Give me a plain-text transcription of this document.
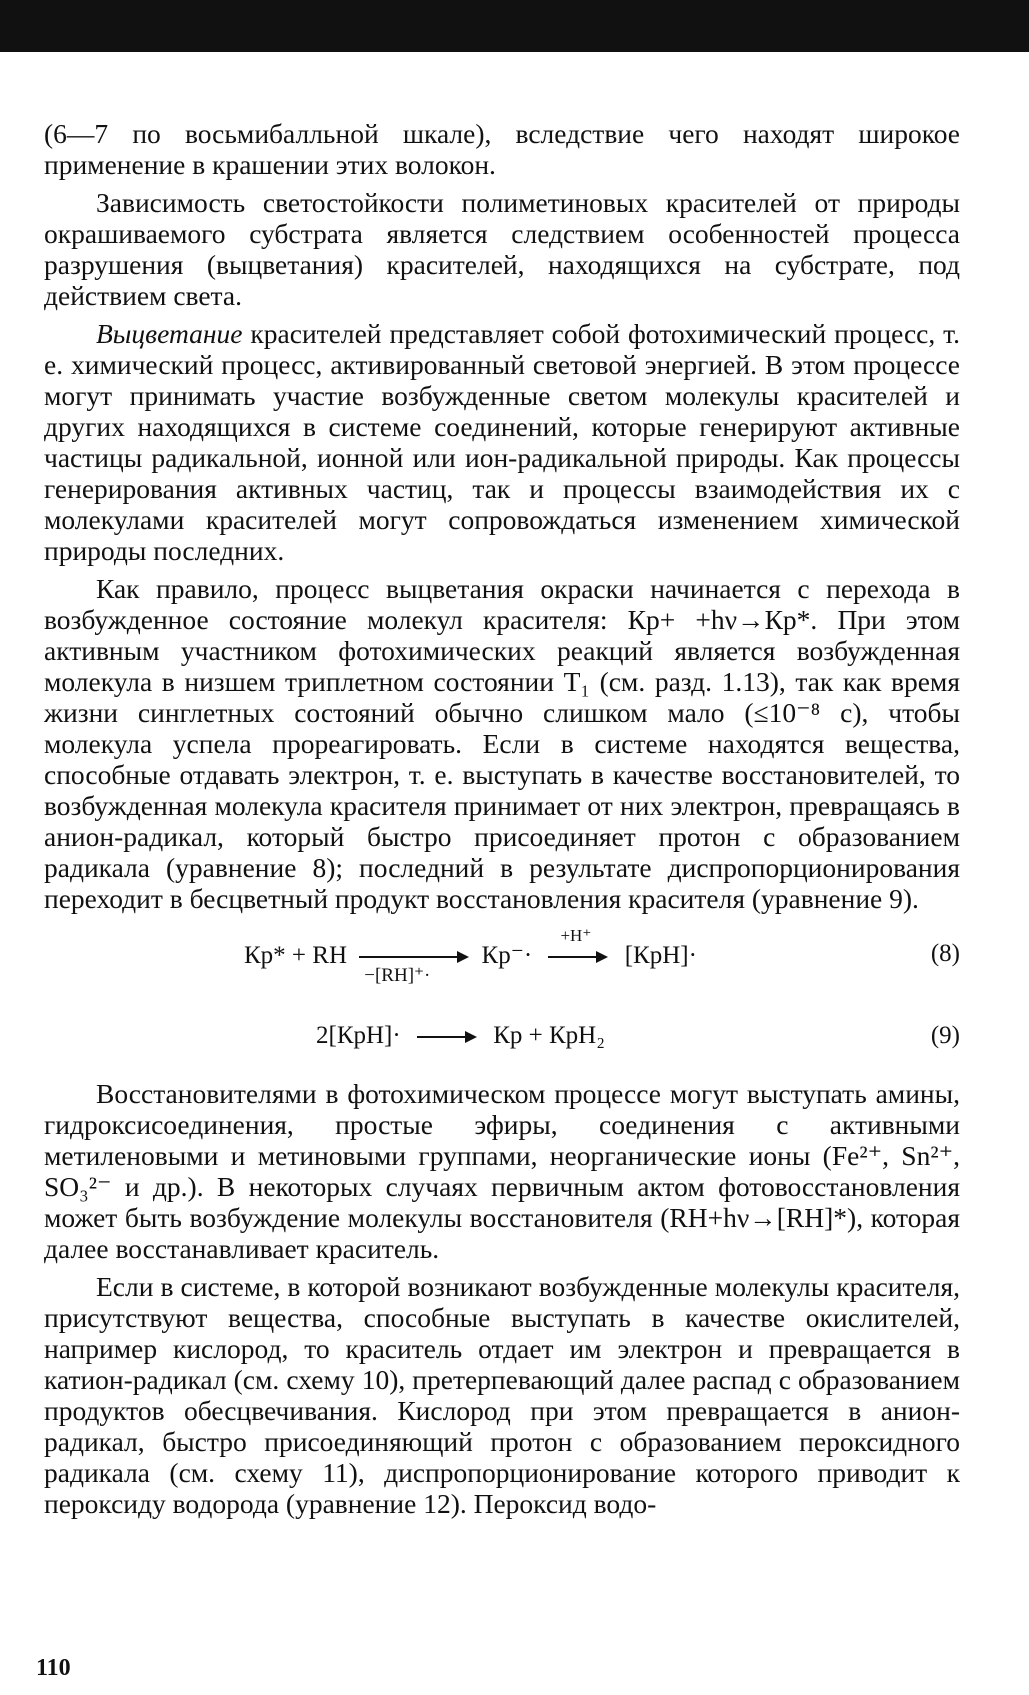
(6—7 по восьмибалльной шкале), вследствие чего находят широкое применение в крашении этих волокон.

Зависимость светостойкости полиметиновых красителей от природы окрашиваемого субстрата является следствием особенностей процесса разрушения (выцветания) красителей, находящихся на субстрате, под действием света.

Выцветание красителей представляет собой фотохимический процесс, т. е. химический процесс, активированный световой энергией. В этом процессе могут принимать участие возбужденные светом молекулы красителей и других находящихся в системе соединений, которые генерируют активные частицы радикальной, ионной или ион-радикальной природы. Как процессы генерирования активных частиц, так и процессы взаимодействия их с молекулами красителей могут сопровождаться изменением химической природы последних.

Как правило, процесс выцветания окраски начинается с перехода в возбужденное состояние молекул красителя: Кр+ +hν→Кр*. При этом активным участником фотохимических реакций является возбужденная молекула в низшем триплетном состоянии T₁ (см. разд. 1.13), так как время жизни синглетных состояний обычно слишком мало (≤10⁻⁸ с), чтобы молекула успела прореагировать. Если в системе находятся вещества, способные отдавать электрон, т. е. выступать в качестве восстановителей, то возбужденная молекула красителя принимает от них электрон, превращаясь в анион-радикал, который быстро присоединяет протон с образованием радикала (уравнение 8); последний в результате диспропорционирования переходит в бесцветный продукт восстановления красителя (уравнение 9).

Кр* + RH
−[RH]⁺·
Кр⁻·
+H⁺
[КрН]·	(8)
2[КрН]·	Кр + КрН₂	(9)

Восстановителями в фотохимическом процессе могут выступать амины, гидроксисоединения, простые эфиры, соединения с активными метиленовыми и метиновыми группами, неорганические ионы (Fe²⁺, Sn²⁺, SO₃²⁻ и др.). В некоторых случаях первичным актом фотовосстановления может быть возбуждение молекулы восстановителя (RH+hν→[RH]*), которая далее восстанавливает краситель.

Если в системе, в которой возникают возбужденные молекулы красителя, присутствуют вещества, способные выступать в качестве окислителей, например кислород, то краситель отдает им электрон и превращается в катион-радикал (см. схему 10), претерпевающий далее распад с образованием продуктов обесцвечивания. Кислород при этом превращается в анион-радикал, быстро присоединяющий протон с образованием пероксидного радикала (см. схему 11), диспропорционирование которого приводит к пероксиду водорода (уравнение 12). Пероксид водо-

110
